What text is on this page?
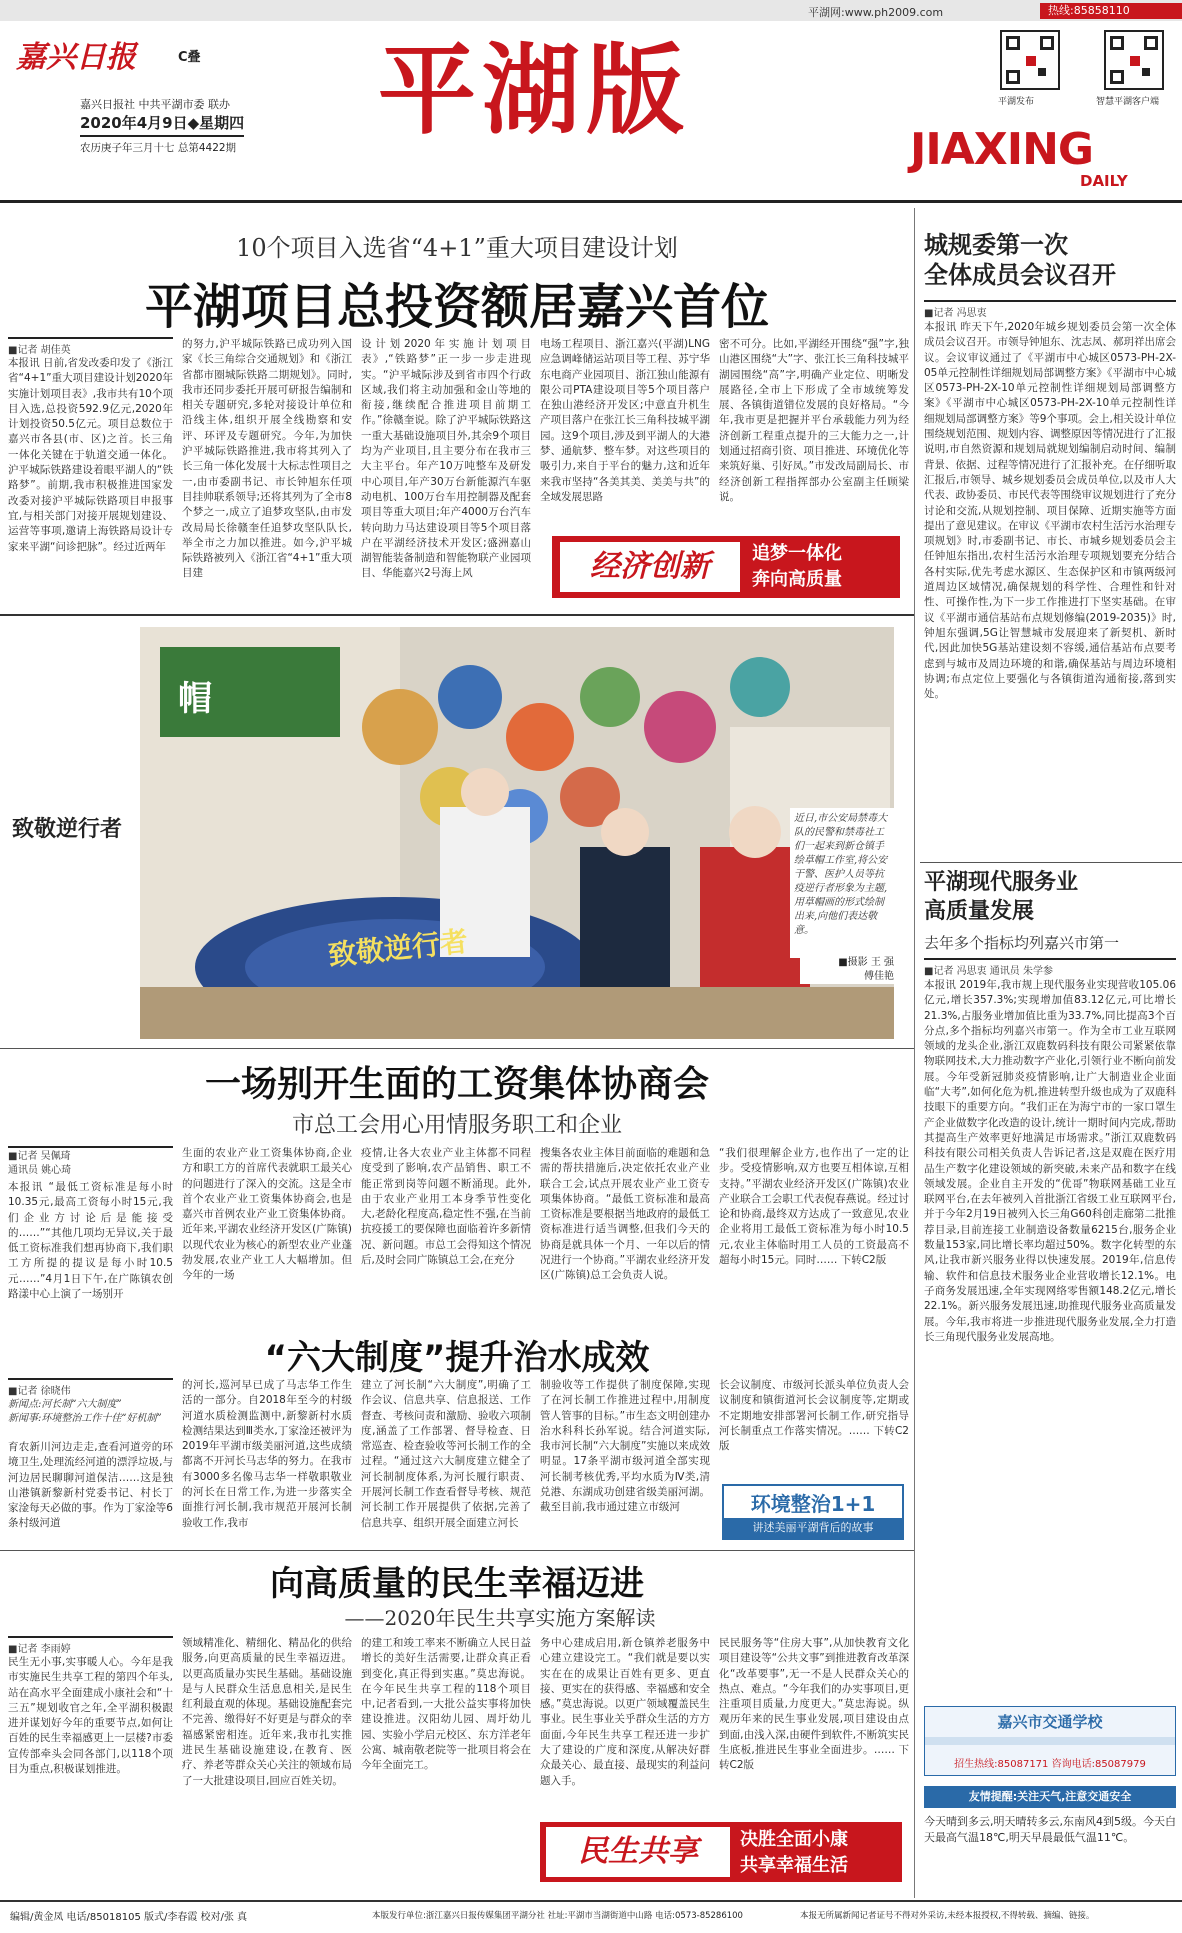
平湖网:www.ph2009.com	热线:85858110
嘉兴日报	C叠
嘉兴日报社 中共平湖市委 联办
2020年4月9日◆星期四
农历庚子年三月十七 总第4422期 平湖版	平湖发布	智慧平湖客户端
JIAXING
DAILY
10个项目入选省“4+1”重大项目建设计划
平湖项目总投资额居嘉兴首位
■记者 胡佳英
本报讯 日前,省发改委印发了《浙江省“4+1”重大项目建设计划2020年实施计划项目表》,我市共有10个项目入选,总投资592.9亿元,2020年计划投资50.5亿元。项目总数位于嘉兴市各县(市、区)之首。长三角一体化关键在于轨道交通一体化。沪平城际铁路建设着眼平湖人的“铁路梦”。前期,我市积极推进国家发改委对接沪平城际铁路项目申报事宜,与相关部门对接开展规划建设、运营等事项,邀请上海铁路局设计专家来平湖“问诊把脉”。经过近两年
的努力,沪平城际铁路已成功列入国家《长三角综合交通规划》和《浙江省都市圈城际铁路二期规划》。同时,我市还同步委托开展可研报告编制和相关专题研究,多轮对接设计单位和沿线主体,组织开展全线勘察和安评、环评及专题研究。今年,为加快沪平城际铁路推进,我市将其列入了长三角一体化发展十大标志性项目之一,由市委副书记、市长钟旭东任项目挂帅联系领导;还将其列为了全市8个梦之一,成立了追梦攻坚队,由市发改局局长徐赣奎任追梦攻坚队队长,举全市之力加以推进。如今,沪平城际铁路被列入《浙江省“4+1”重大项目建
设计划2020年实施计划项目表》,“铁路梦”正一步一步走进现实。“沪平城际涉及到省市四个行政区域,我们将主动加强和金山等地的衔接,继续配合推进项目前期工作。”徐赣奎说。除了沪平城际铁路这一重大基础设施项目外,其余9个项目均为产业项目,且主要分布在我市三大主平台。年产10万吨整车及研发中心项目,年产30万台新能源汽车驱动电机、100万台车用控制器及配套项目等重大项目;年产4000万台汽车转向助力马达建设项目等5个项目落户在平湖经济技术开发区;盛洲嘉山湖智能装备制造和智能物联产业园项目、华能嘉兴2号海上风
电场工程项目、浙江嘉兴(平湖)LNG应急调峰储运站项目等工程、苏宁华东电商产业园项目、浙江独山能源有限公司PTA建设项目等5个项目落户在独山港经济开发区;中意直升机生产项目落户在张江长三角科技城平湖园。这9个项目,涉及到平湖人的大港梦、通航梦、整车梦。对这些项目的吸引力,来自于平台的魅力,这和近年来我市坚持“各美其美、美美与共”的全域发展思路
密不可分。比如,平湖经开围绕“强”字,独山港区围绕“大”字、张江长三角科技城平湖园围绕“高”字,明确产业定位、明晰发展路径,全市上下形成了全市域统筹发展、各镇街道错位发展的良好格局。“今年,我市更是把握并平台承载能力列为经济创新工程重点提升的三大能力之一,计划通过招商引资、项目推进、环境优化等来筑好巢、引好凤。”市发改局副局长、市经济创新工程指挥部办公室副主任顾梁说。
经济创新	追梦一体化
奔向高质量
致敬逆行者
致敬逆行者
帽
近日,市公安局禁毒大队的民警和禁毒社工们一起来到新仓镇手绘草帽工作室,将公安干警、医护人员等抗疫逆行者形象为主题,用草帽画的形式绘制出来,向他们表达敬意。
■摄影 王 强
傅佳艳
一场别开生面的工资集体协商会
市总工会用心用情服务职工和企业
■记者 吴佩琦
通讯员 姚心琦
本报讯 “最低工资标准是每小时10.35元,最高工资每小时15元,我们企业方讨论后是能接受的……”“其他几项均无异议,关于最低工资标准我们想再协商下,我们职工方所提的提议是每小时10.5元……”4月1日下午,在广陈镇农创路漾中心上演了一场别开
生面的农业产业工资集体协商,企业方和职工方的首席代表就职工最关心的问题进行了深入的交流。这是全市首个农业产业工资集体协商会,也是嘉兴市首例农业产业工资集体协商。近年来,平湖农业经济开发区(广陈镇)以现代农业为核心的新型农业产业蓬勃发展,农业产业工人大幅增加。但今年的一场
疫情,让各大农业产业主体都不同程度受到了影响,农产品销售、职工不能正常到岗等问题不断涌现。此外,由于农业产业用工本身季节性变化大,老龄化程度高,稳定性不强,在当前抗疫援工的要保障也面临着许多新情况、新问题。市总工会得知这个情况后,及时会同广陈镇总工会,在充分
搜集各农业主体目前面临的难题和急需的帮扶措施后,决定依托农业产业联合工会,试点开展农业产业工资专项集体协商。“最低工资标准和最高工资标准是要根据当地政府的最低工资标准进行适当调整,但我们今天的协商是就具体一个月、一年以后的情况进行一个协商。”平湖农业经济开发区(广陈镇)总工会负责人说。
“我们很理解企业方,也作出了一定的让步。受疫情影响,双方也要互相体谅,互相支持。”平湖农业经济开发区(广陈镇)农业产业联合工会职工代表倪春燕说。经过讨论和协商,最终双方达成了一致意见,农业企业将用工最低工资标准为每小时10.5元,农业主体临时用工人员的工资最高不超每小时15元。同时…… 下转C2版
“六大制度”提升治水成效
■记者 徐晓伟
新闻点:河长制“六大制度”
新闻事:环境整治工作十佳“好机制”
育农新川河边走走,查看河道旁的环境卫生,处理流经河道的漂浮垃圾,与河边居民聊聊河道保洁……这是独山港镇新黎新村党委书记、村长丁家淦每天必做的事。作为丁家淦等6条村级河道
的河长,巡河早已成了马志华工作生活的一部分。自2018年至今的村级河道水质检测监测中,新黎新村水质检测结果达到Ⅲ类水,丁家淦还被评为2019年平湖市级美丽河道,这些成绩都离不开河长马志华的努力。在我市有3000多名像马志华一样敬职敬业的河长在日常工作,为进一步落实全面推行河长制,我市规范开展河长制验收工作,我市
建立了河长制“六大制度”,明确了工作会议、信息共享、信息报送、工作督查、考核问责和激励、验收六项制度,涵盖了工作部署、督导检查、日常巡查、检查验收等河长制工作的全过程。“通过这六大制度建立健全了河长制制度体系,为河长履行职责、开展河长制工作查看督导考核、规范河长制工作开展提供了依据,完善了信息共享、组织开展全面建立河长
制验收等工作提供了制度保障,实现了在河长制工作推进过程中,用制度管人管事的目标。”市生态文明创建办治水科科长孙军说。结合河道实际,我市河长制“六大制度”实施以来成效明显。17条平湖市级河道全部实现河长制考核优秀,平均水质为Ⅳ类,清兑港、东湖成功创建省级美丽河湖。截至目前,我市通过建立市级河
长会议制度、市级河长派头单位负责人会议制度和镇街道河长会议制度等,定期或不定期地安排部署河长制工作,研究指导河长制重点工作落实情况。…… 下转C2版
环境整治1+1
讲述美丽平湖背后的故事
向高质量的民生幸福迈进
——2020年民生共享实施方案解读
■记者 李雨婷
民生无小事,实事暖人心。今年是我市实施民生共享工程的第四个年头,站在高水平全面建成小康社会和“十三五”规划收官之年,全平湖积极跟进并谋划好今年的重要节点,如何让百姓的民生幸福感更上一层楼?市委宣传部牵头会同各部门,以118个项目为重点,积极谋划推进。
领域精准化、精细化、精品化的供给服务,向更高质量的民生幸福迈进。以更高质量办实民生基础。基础设施是与人民群众生活息息相关,是民生红利最直观的体现。基础设施配套完不完善、缴得好不好更是与群众的幸福感紧密相连。近年来,我市扎实推进民生基础设施建设,在教育、医疗、养老等群众关心关注的领域布局了一大批建设项目,回应百姓关切。
的建工和竣工率来不断确立人民日益增长的美好生活需要,让群众真正看到变化,真正得到实惠。”莫忠海说。在今年民生共享工程的118个项目中,记者看到,一大批公益实事将加快建设推进。汉阳幼儿园、周圩幼儿园、实验小学启元校区、东方洋老年公寓、城南敬老院等一批项目将会在今年全面完工。
务中心建成启用,新仓镇养老服务中心建立建设完工。“我们就是要以实实在在的成果让百姓有更多、更直接、更实在的获得感、幸福感和安全感。”莫忠海说。以更广领域覆盖民生事业。民生事业关乎群众生活的方方面面,今年民生共享工程还进一步扩大了建设的广度和深度,从解决好群众最关心、最直接、最现实的利益问题入手。
民民服务等“住房大事”,从加快教育文化项目建设等“公共文事”到推进教育改革深化“改革要事”,无一不是人民群众关心的热点、难点。“今年我们的办实事项目,更注重项目质量,力度更大。”莫忠海说。纵观历年来的民生事业发展,项目建设由点到面,由浅入深,由硬件到软件,不断筑实民生底板,推进民生事业全面进步。…… 下转C2版
民生共享	决胜全面小康
共享幸福生活
城规委第一次
全体成员会议召开
■记者 冯思衷
本报讯 昨天下午,2020年城乡规划委员会第一次全体成员会议召开。市领导钟旭东、沈志凤、郝玥祥出席会议。会议审议通过了《平湖市中心城区0573-PH-2X-05单元控制性详细规划局部调整方案》《平湖市中心城区0573-PH-2X-10单元控制性详细规划局部调整方案》《平湖市中心城区0573-PH-2X-10单元控制性详细规划局部调整方案》等9个事项。会上,相关设计单位围绕规划范围、规划内容、调整原因等情况进行了汇报说明,市自然资源和规划局就规划编制启动时间、编制背景、依据、过程等情况进行了汇报补充。在仔细听取汇报后,市领导、城乡规划委员会成员单位,以及市人大代表、政协委员、市民代表等围绕审议规划进行了充分讨论和交流,从规划控制、项目保障、近期实施等方面提出了意见建议。在审议《平湖市农村生活污水治理专项规划》时,市委副书记、市长、市城乡规划委员会主任钟旭东指出,农村生活污水治理专项规划要充分结合各村实际,优先考虑水源区、生态保护区和市镇两级河道周边区域情况,确保规划的科学性、合理性和针对性、可操作性,为下一步工作推进打下坚实基础。在审议《平湖市通信基站布点规划修编(2019-2035)》时,钟旭东强调,5G让智慧城市发展迎来了新契机、新时代,因此加快5G基站建设刻不容缓,通信基站布点要考虑到与城市及周边环境的和谐,确保基站与周边环境相协调;布点定位上要强化与各镇街道沟通衔接,落到实处。
平湖现代服务业
高质量发展
去年多个指标均列嘉兴市第一
■记者 冯思衷 通讯员 朱学参
本报讯 2019年,我市规上现代服务业实现营收105.06亿元,增长357.3%;实现增加值83.12亿元,可比增长21.3%,占服务业增加值比重为33.7%,同比提高3个百分点,多个指标均列嘉兴市第一。作为全市工业互联网领域的龙头企业,浙江双鹿数码科技有限公司紧紧依靠物联网技术,大力推动数字产业化,引领行业不断向前发展。今年受新冠肺炎疫情影响,让广大制造业企业面临“大考”,如何化危为机,推进转型升级也成为了双鹿科技眼下的重要方向。“我们正在为海宁市的一家口罩生产企业做数字化改造的设计,统计一期时间内完成,帮助其提高生产效率更好地满足市场需求。”浙江双鹿数码科技有限公司相关负责人告诉记者,这是双鹿在医疗用品生产数字化建设领域的新突破,未来产品和数字在线领域发展。企业自主开发的“优哥”物联网基础工业互联网平台,在去年被列入首批浙江省级工业互联网平台,并于今年2月19日被列入长三角G60科创走廊第二批推荐目录,目前连接工业制造设备数量6215台,服务企业数量153家,同比增长率均超过50%。数字化转型的东风,让我市新兴服务业得以快速发展。2019年,信息传输、软件和信息技术服务业企业营收增长12.1%。电子商务发展迅速,全年实现网络零售额148.2亿元,增长22.1%。新兴服务发展迅速,助推现代服务业高质量发展。今年,我市将进一步推进现代服务业发展,全力打造长三角现代服务业发展高地。
嘉兴市交通学校
招生热线:85087171 咨询电话:85087979
友情提醒:关注天气,注意交通安全
今天晴到多云,明天晴转多云,东南风4到5级。今天白天最高气温18℃,明天早晨最低气温11℃。
编辑/黄金凤 电话/85018105 版式/李春霞 校对/张 真	本版发行单位:浙江嘉兴日报传媒集团平湖分社 社址:平湖市当湖街道中山路 电话:0573-85286100	本报无所属新闻记者证号不得对外采访,未经本报授权,不得转载、摘编、链接。
